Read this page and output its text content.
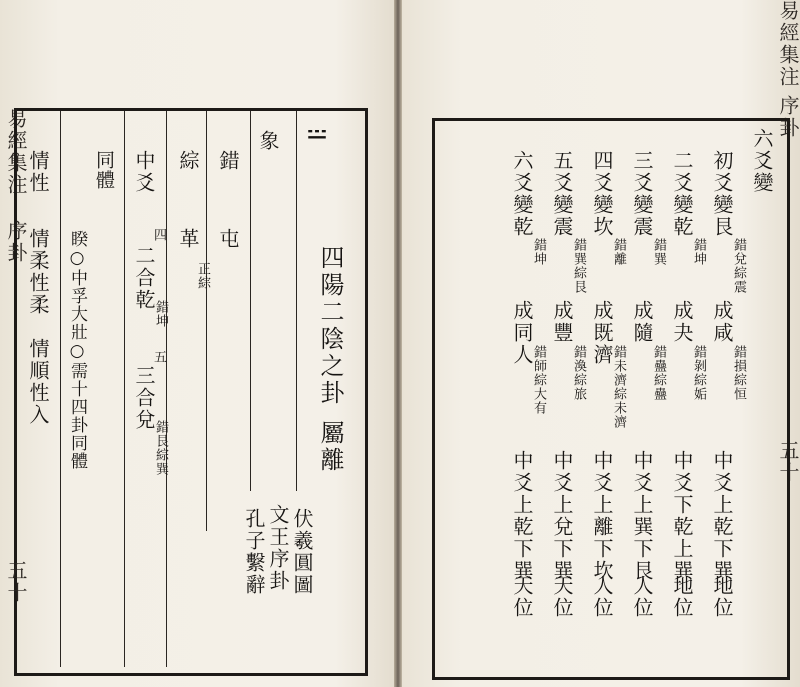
易經集注
序卦
𝌃
四陽二陰之卦
屬離
伏羲圓圖
文王序卦
孔子繫辭
象
錯
屯
綜
革
正綜
中爻
四
二合乾
錯坤
五
三合兌
錯艮綜巽
同體
睽○中孚大壯○需十四卦同體
情性
情柔性柔　情順性入
五十

易經集注
序卦
五十
六爻變
初爻變艮
錯兌綜震
成咸
錯損綜恒
中爻上乾下巽
地位
二爻變乾
錯坤
成夬
錯剝綜姤
中爻下乾上巽
地位
三爻變震
錯巽
成隨
錯蠱綜蠱
中爻上巽下艮
人位
四爻變坎
錯離
成既濟
錯未濟綜未濟
中爻上離下坎
人位
五爻變震
錯巽綜艮
成豐
錯渙綜旅
中爻上兌下巽
天位
六爻變乾
錯坤
成同人
錯師綜大有
中爻上乾下巽
天位
